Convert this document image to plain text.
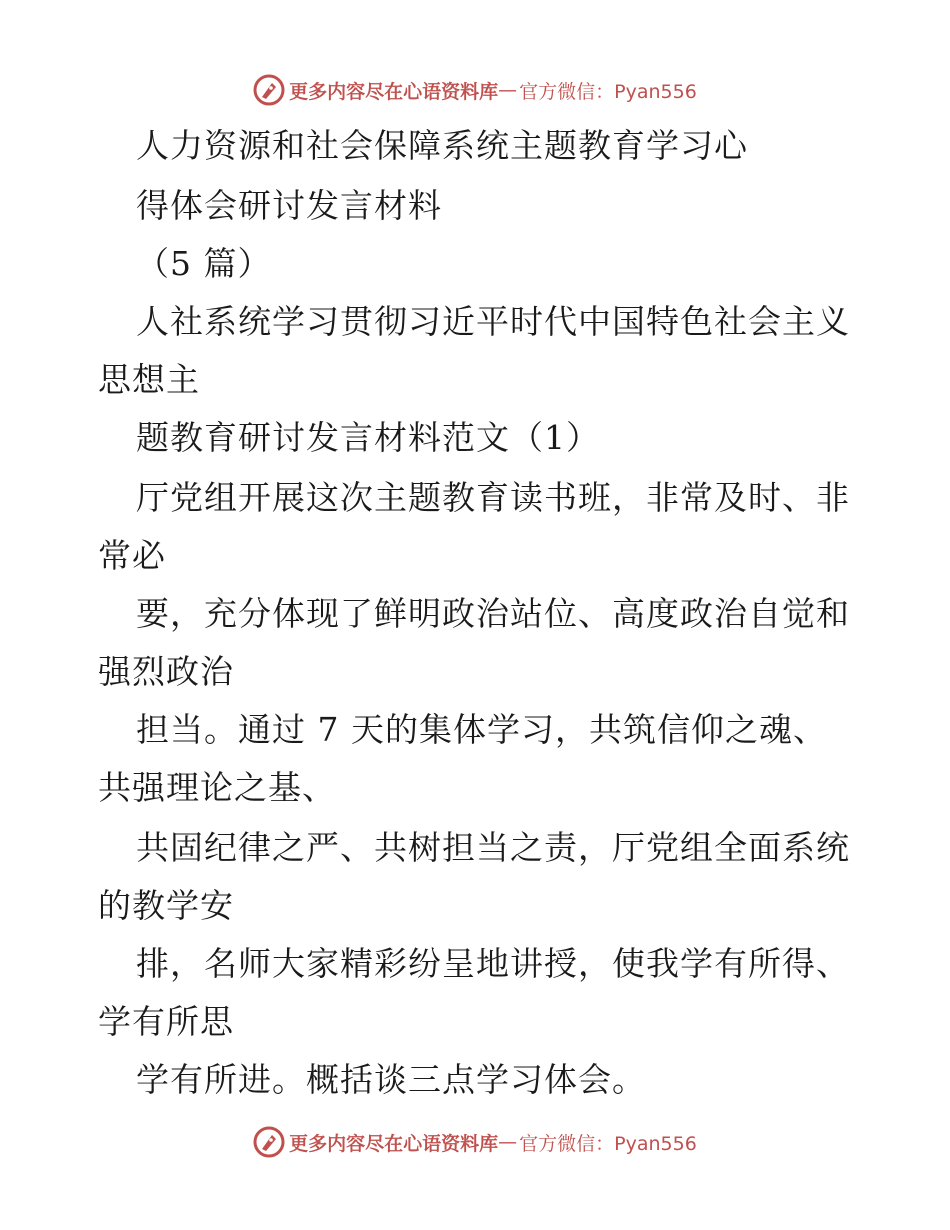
更多内容尽在心语资料库 — 官方微信：Pyan556
人力资源和社会保障系统主题教育学习心
得体会研讨发言材料
（5 篇）
人社系统学习贯彻习近平时代中国特色社会主义
思想主
题教育研讨发言材料范文（1）
厅党组开展这次主题教育读书班，非常及时、非
常必
要，充分体现了鲜明政治站位、高度政治自觉和
强烈政治
担当。通过 7 天的集体学习，共筑信仰之魂、
共强理论之基、
共固纪律之严、共树担当之责，厅党组全面系统
的教学安
排，名师大家精彩纷呈地讲授，使我学有所得、
学有所思
学有所进。概括谈三点学习体会。
更多内容尽在心语资料库 — 官方微信：Pyan556
